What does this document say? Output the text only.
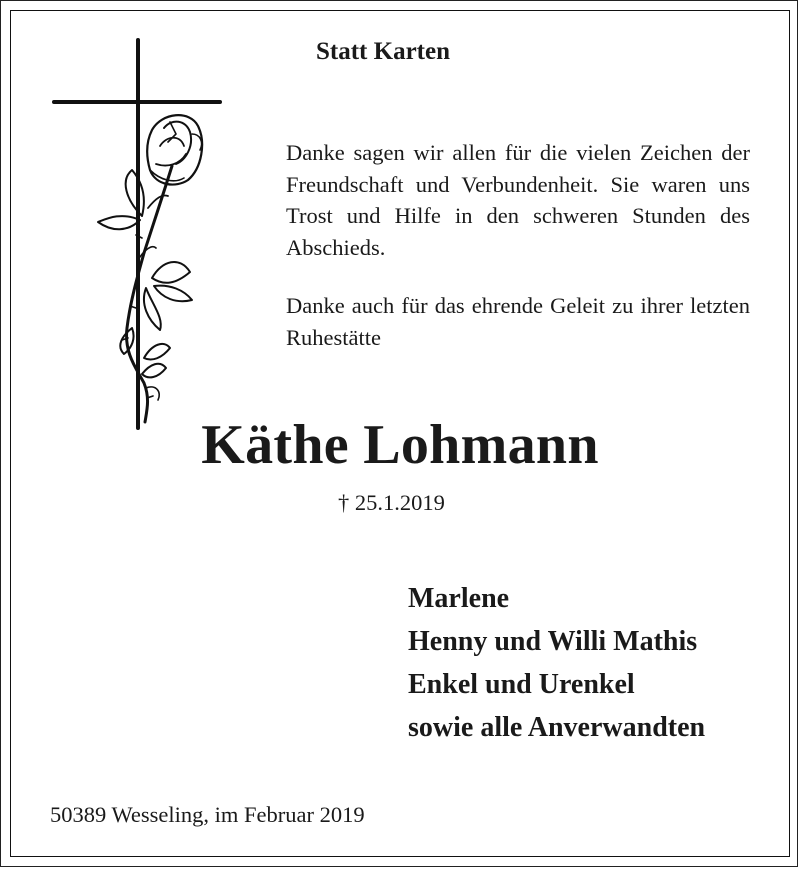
Statt Karten

Danke sagen wir allen für die vielen Zeichen der Freundschaft und Verbundenheit. Sie waren uns Trost und Hilfe in den schweren Stunden des Abschieds.

Danke auch für das ehrende Geleit zu ihrer letzten Ruhestätte

Käthe Lohmann
† 25.1.2019
Marlene
Henny und Willi Mathis
Enkel und Urenkel
sowie alle Anverwandten
50389 Wesseling, im Februar 2019
